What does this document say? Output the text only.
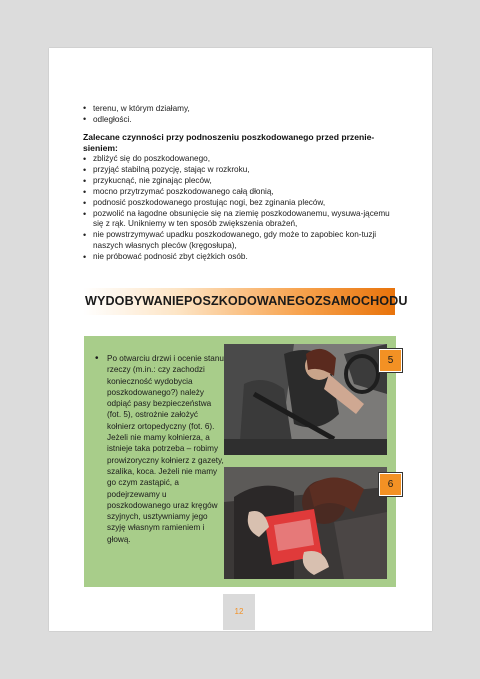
• terenu, w którym działamy,
• odległości.

Zalecane czynności przy podnoszeniu poszkodowanego przed przenie-sieniem:

• zbliżyć się do poszkodowanego,
• przyjąć stabilną pozycję, stając w rozkroku,
• przykucnąć, nie zginając pleców,
• mocno przytrzymać poszkodowanego całą dłonią,
• podnosić poszkodowanego prostując nogi, bez zginania pleców,
• pozwolić na łagodne obsunięcie się na ziemię poszkodowanemu, wysuwa-jącemu się z rąk. Unikniemy w ten sposób zwiększenia obrażeń,
• nie powstrzymywać upadku poszkodowanego, gdy może to zapobiec kon-tuzji naszych własnych pleców (kręgosłupa),
• nie próbować podnosić zbyt ciężkich osób.
WYDOBYWANIEPOSZKODOWANEGOZSAMOCHODU
• Po otwarciu drzwi i ocenie stanu rzeczy (m.in.: czy zachodzi konieczność wydobycia poszkodowanego?) należy odpiąć pasy bezpieczeństwa (fot. 5), ostrożnie założyć kołnierz ortopedyczny (fot. 6). Jeżeli nie mamy kołnierza, a istnieje taka potrzeba – robimy prowizoryczny kołnierz z gazety, szalika, koca. Jeżeli nie mamy go czym zastąpić, a podejrzewamy u poszkodowanego uraz kręgów szyjnych, usztywniamy jego szyję własnym ramieniem i głową.
5
6
12
